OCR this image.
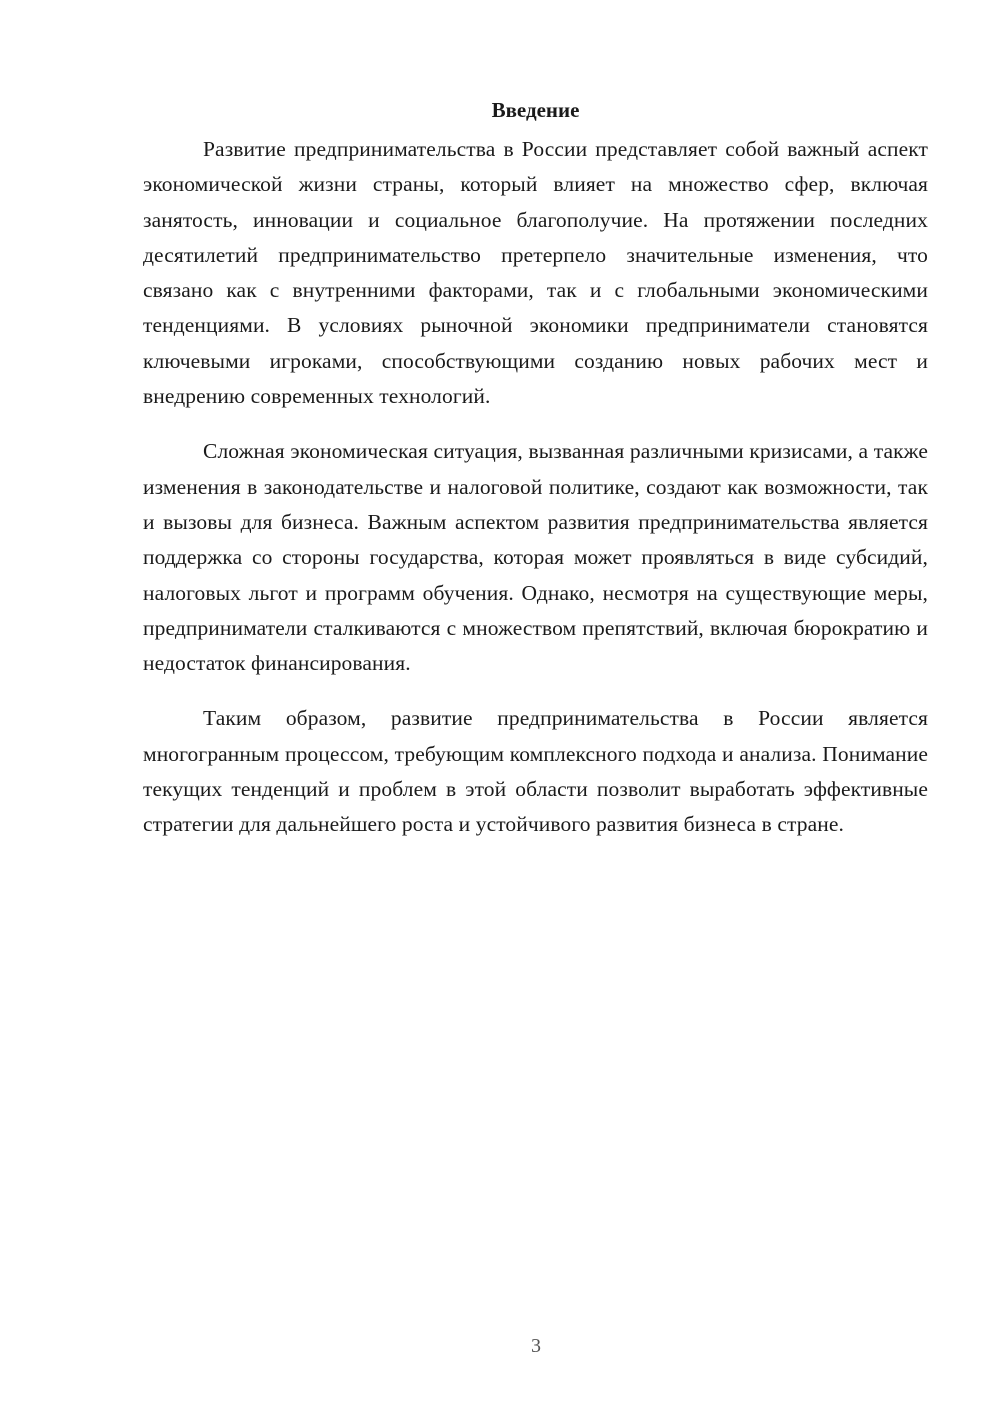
Введение

Развитие предпринимательства в России представляет собой важный аспект экономической жизни страны, который влияет на множество сфер, включая занятость, инновации и социальное благополучие. На протяжении последних десятилетий предпринимательство претерпело значительные изменения, что связано как с внутренними факторами, так и с глобальными экономическими тенденциями. В условиях рыночной экономики предприниматели становятся ключевыми игроками, способствующими созданию новых рабочих мест и внедрению современных технологий.

Сложная экономическая ситуация, вызванная различными кризисами, а также изменения в законодательстве и налоговой политике, создают как возможности, так и вызовы для бизнеса. Важным аспектом развития предпринимательства является поддержка со стороны государства, которая может проявляться в виде субсидий, налоговых льгот и программ обучения. Однако, несмотря на существующие меры, предприниматели сталкиваются с множеством препятствий, включая бюрократию и недостаток финансирования.

Таким образом, развитие предпринимательства в России является многогранным процессом, требующим комплексного подхода и анализа. Понимание текущих тенденций и проблем в этой области позволит выработать эффективные стратегии для дальнейшего роста и устойчивого развития бизнеса в стране.

3
